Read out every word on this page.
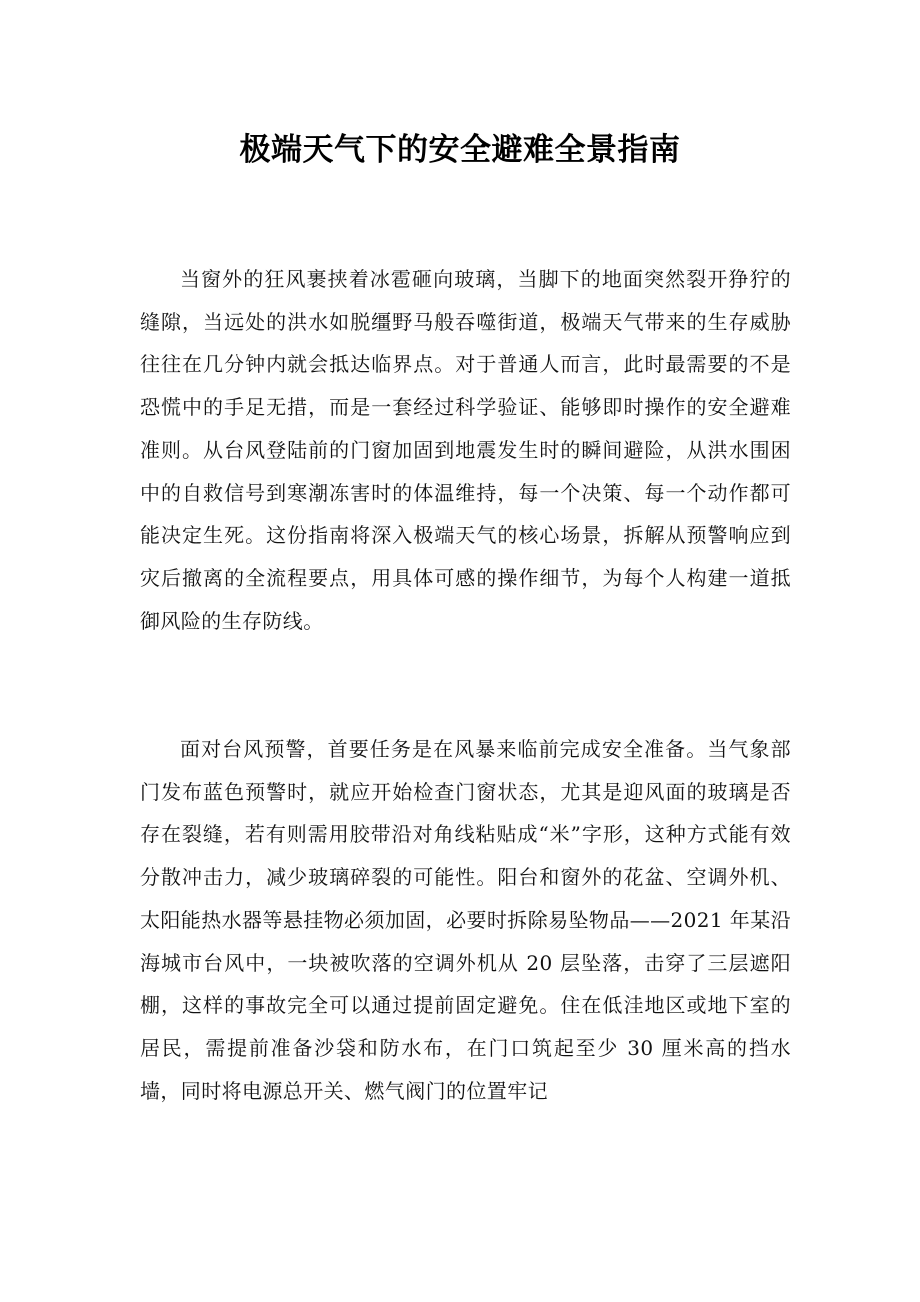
极端天气下的安全避难全景指南

当窗外的狂风裹挟着冰雹砸向玻璃，当脚下的地面突然裂开狰狞的缝隙，当远处的洪水如脱缰野马般吞噬街道，极端天气带来的生存威胁往往在几分钟内就会抵达临界点。对于普通人而言，此时最需要的不是恐慌中的手足无措，而是一套经过科学验证、能够即时操作的安全避难准则。从台风登陆前的门窗加固到地震发生时的瞬间避险，从洪水围困中的自救信号到寒潮冻害时的体温维持，每一个决策、每一个动作都可能决定生死。这份指南将深入极端天气的核心场景，拆解从预警响应到灾后撤离的全流程要点，用具体可感的操作细节，为每个人构建一道抵御风险的生存防线。

面对台风预警，首要任务是在风暴来临前完成安全准备。当气象部门发布蓝色预警时，就应开始检查门窗状态，尤其是迎风面的玻璃是否存在裂缝，若有则需用胶带沿对角线粘贴成“米”字形，这种方式能有效分散冲击力，减少玻璃碎裂的可能性。阳台和窗外的花盆、空调外机、太阳能热水器等悬挂物必须加固，必要时拆除易坠物品——2021 年某沿海城市台风中，一块被吹落的空调外机从 20 层坠落，击穿了三层遮阳棚，这样的事故完全可以通过提前固定避免。住在低洼地区或地下室的居民，需提前准备沙袋和防水布，在门口筑起至少 30 厘米高的挡水墙，同时将电源总开关、燃气阀门的位置牢记
